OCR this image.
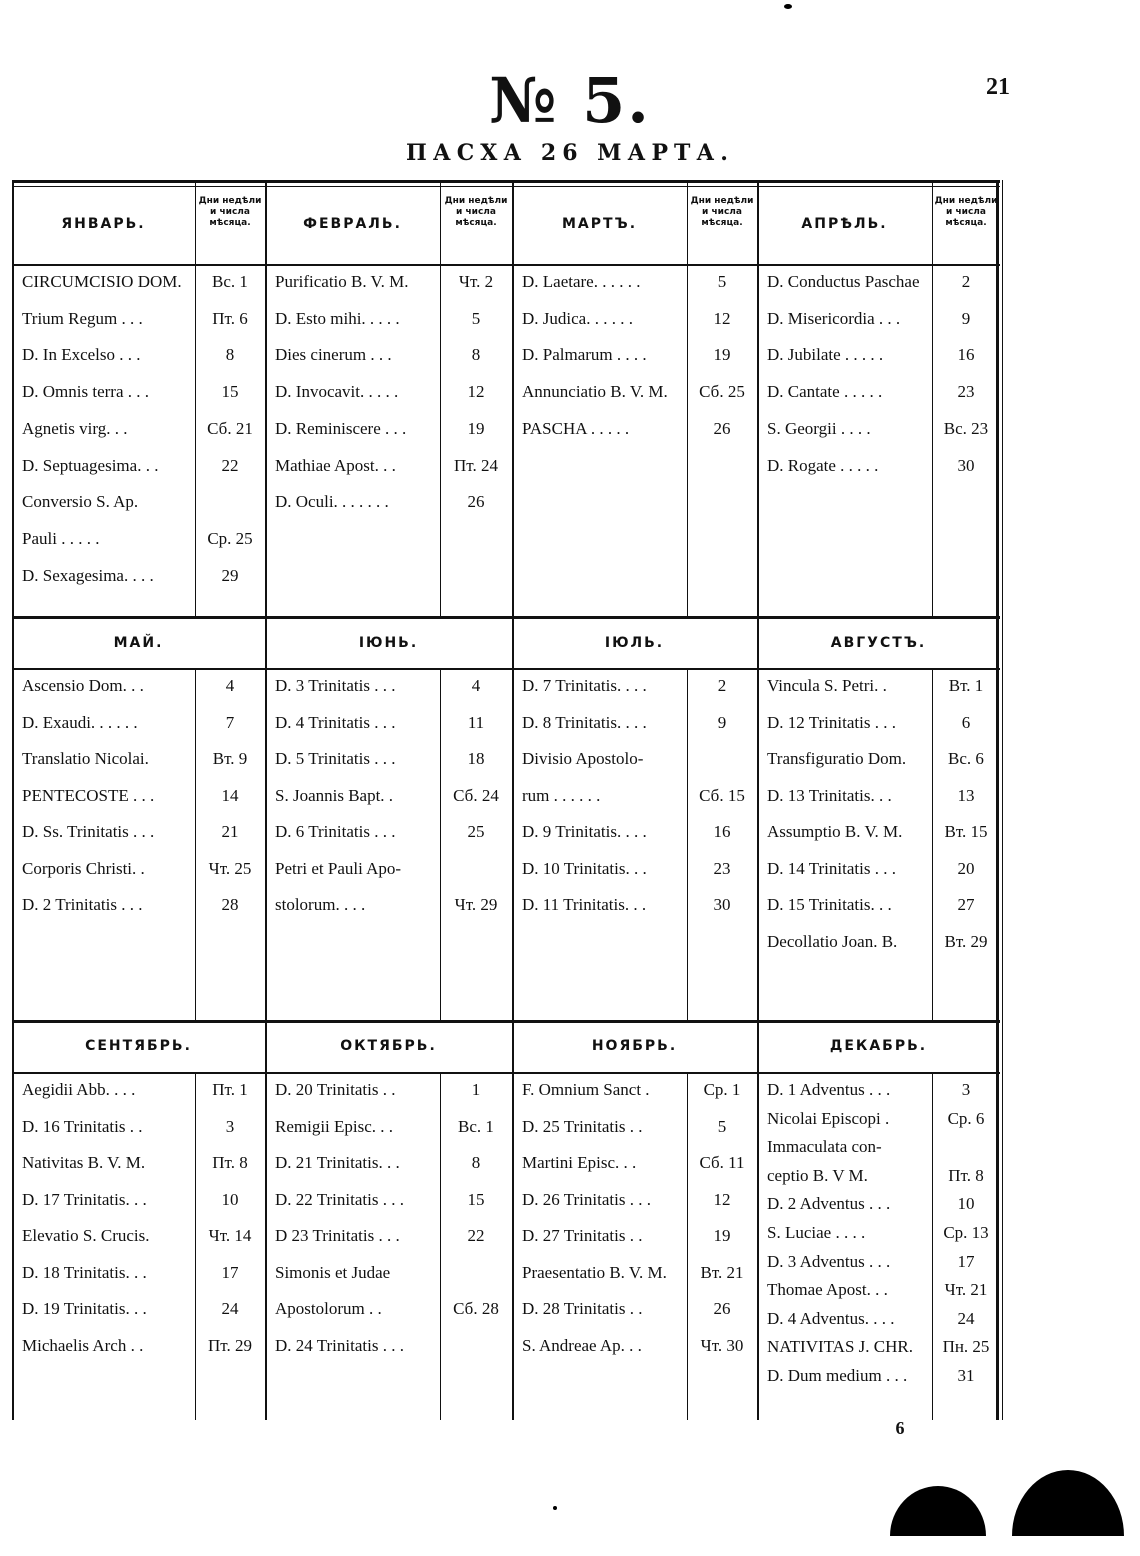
№ 5.	21
ПАСХА 26 МАРТА.
ЯНВАРЬ.
Дни недѣли и числа мѣсяца.
CIRCUMCISIO DOM.	Вс. 1
Trium Regum . . .	Пт. 6
D. In Excelso . . .	8
D. Omnis terra . . .	15
Agnetis virg. . .	Сб. 21
D. Septuagesima. . .	22
Conversio S. Ap.
Pauli . . . . .	Ср. 25
D. Sexagesima. . . .	29
ФЕВРАЛЬ.
Дни недѣли и числа мѣсяца.
Purificatio B. V. M.	Чт. 2
D. Esto mihi. . . . .	5
Dies cinerum . . .	8
D. Invocavit. . . . .	12
D. Reminiscere . . .	19
Mathiae Apost. . .	Пт. 24
D. Oculi. . . . . . .	26
МАРТЪ.
Дни недѣли и числа мѣсяца.
D. Laetare. . . . . .	5
D. Judica. . . . . .	12
D. Palmarum . . . .	19
Annunciatio B. V. M.	Сб. 25
PASCHA . . . . .	26
АПРѢЛЬ.
Дни недѣли и числа мѣсяца.
D. Conductus Paschae	2
D. Misericordia . . .	9
D. Jubilate . . . . .	16
D. Cantate . . . . .	23
S. Georgii . . . .	Вс. 23
D. Rogate . . . . .	30
МАЙ.
Ascensio Dom. . .	4
D. Exaudi. . . . . .	7
Translatio Nicolai.	Вт. 9
PENTECOSTE . . .	14
D. Ss. Trinitatis . . .	21
Corporis Christi. .	Чт. 25
D. 2 Trinitatis . . .	28
ІЮНЬ.
D. 3 Trinitatis . . .	4
D. 4 Trinitatis . . .	11
D. 5 Trinitatis . . .	18
S. Joannis Bapt. .	Сб. 24
D. 6 Trinitatis . . .	25
Petri et Pauli Apo-
stolorum. . . .	Чт. 29
ІЮЛЬ.
D. 7 Trinitatis. . . .	2
D. 8 Trinitatis. . . .	9
Divisio Apostolo-
rum . . . . . .	Сб. 15
D. 9 Trinitatis. . . .	16
D. 10 Trinitatis. . .	23
D. 11 Trinitatis. . .	30
АВГУСТЪ.
Vincula S. Petri. .	Вт. 1
D. 12 Trinitatis . . .	6
Transfiguratio Dom.	Вс. 6
D. 13 Trinitatis. . .	13
Assumptio B. V. M.	Вт. 15
D. 14 Trinitatis . . .	20
D. 15 Trinitatis. . .	27
Decollatio Joan. B.	Вт. 29
СЕНТЯБРЬ.
Aegidii Abb. . . .	Пт. 1
D. 16 Trinitatis . .	3
Nativitas B. V. M.	Пт. 8
D. 17 Trinitatis. . .	10
Elevatio S. Crucis.	Чт. 14
D. 18 Trinitatis. . .	17
D. 19 Trinitatis. . .	24
Michaelis Arch . .	Пт. 29
ОКТЯБРЬ.
D. 20 Trinitatis . .	1
Remigii Episc. . .	Вс. 1
D. 21 Trinitatis. . .	8
D. 22 Trinitatis . . .	15
D 23 Trinitatis . . .	22
Simonis et Judae
Apostolorum . .	Сб. 28
D. 24 Trinitatis . . .
НОЯБРЬ.
F. Omnium Sanct .	Ср. 1
D. 25 Trinitatis . .	5
Martini Episc. . .	Сб. 11
D. 26 Trinitatis . . .	12
D. 27 Trinitatis . .	19
Praesentatio B. V. M.	Вт. 21
D. 28 Trinitatis . .	26
S. Andreae Ap. . .	Чт. 30
ДЕКАБРЬ.
D. 1 Adventus . . .	3
Nicolai Episcopi .	Ср. 6
Immaculata con-
ceptio B. V M.	Пт. 8
D. 2 Adventus . . .	10
S. Luciae . . . .	Ср. 13
D. 3 Adventus . . .	17
Thomae Apost. . .	Чт. 21
D. 4 Adventus. . . .	24
NATIVITAS J. CHR.	Пн. 25
D. Dum medium . . .	31
6
